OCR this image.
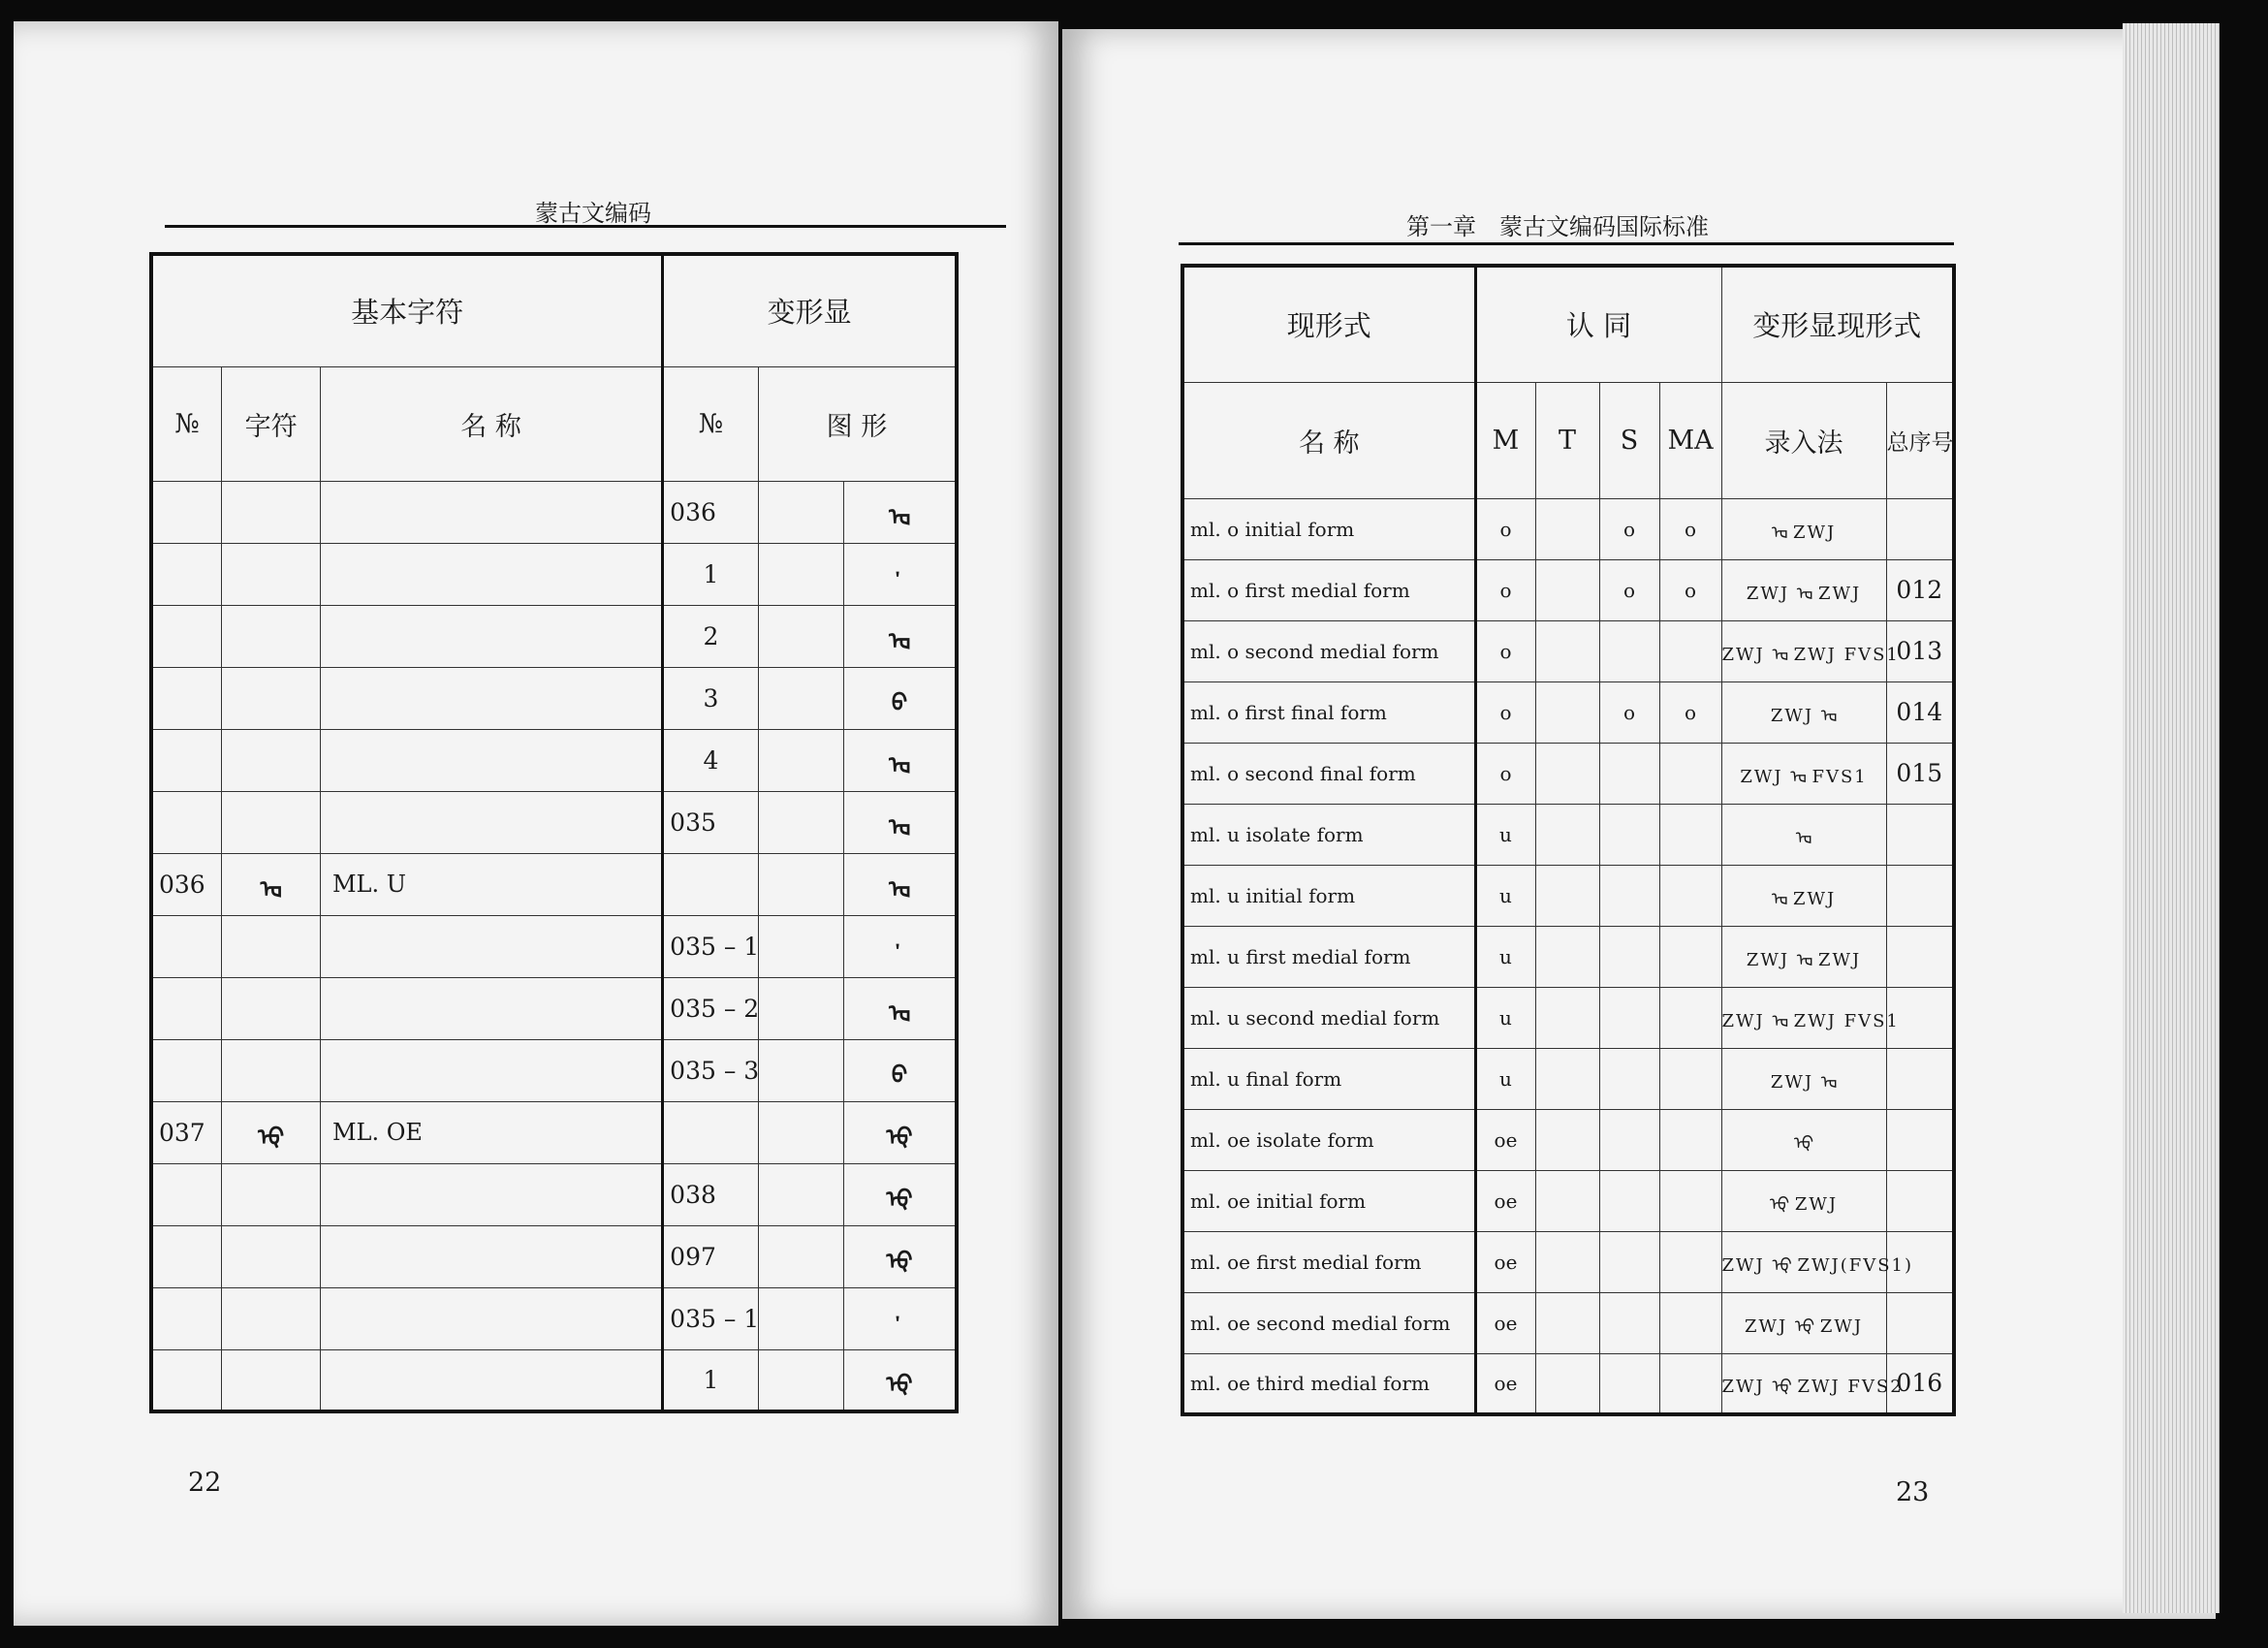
蒙古文编码
22
第一章　蒙古文编码国际标准
23
基本字符			变形显		
№	字符	名 称	№	图 形	
			036		ᡆ
			1		
			2		ᡆ
			3		ᡋ
			4		ᡆ
			035		ᡆ
036	ᡆ	ML. U			ᡆ
			035 – 1		
			035 – 2		ᡆ
			035 – 3		ᡋ
037	ᡇ	ML. OE			ᡇ
			038		ᡇ
			097		ᡇ
			035 – 1		
			1		ᡇ
现形式	认 同				变形显现形式	
名 称	M	T	S	MA	录入法	总序号
ml. o initial form	o		o	o	ᡆ ZWJ	
ml. o first medial form	o		o	o	ZWJ ᡆ ZWJ	012
ml. o second medial form	o				ZWJ ᡆ ZWJ FVS1	013
ml. o first final form	o		o	o	ZWJ ᡆ	014
ml. o second final form	o				ZWJ ᡆ FVS1	015
ml. u isolate form	u				ᡆ	
ml. u initial form	u				ᡆ ZWJ	
ml. u first medial form	u				ZWJ ᡆ ZWJ	
ml. u second medial form	u				ZWJ ᡆ ZWJ FVS1	
ml. u final form	u				ZWJ ᡆ	
ml. oe isolate form	oe				ᡇ	
ml. oe initial form	oe				ᡇ ZWJ	
ml. oe first medial form	oe				ZWJ ᡇ ZWJ(FVS1)	
ml. oe second medial form	oe				ZWJ ᡇ ZWJ	
ml. oe third medial form	oe				ZWJ ᡇ ZWJ FVS2	016
